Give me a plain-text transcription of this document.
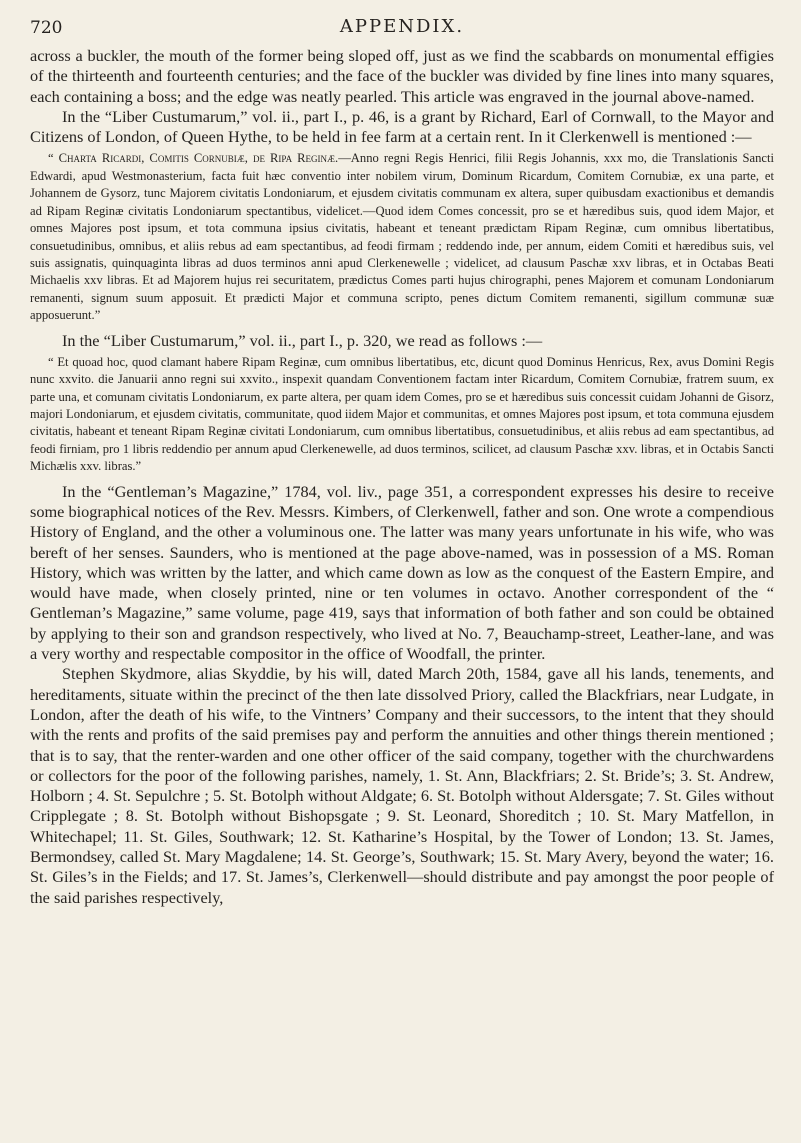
720	APPENDIX.

across a buckler, the mouth of the former being sloped off, just as we find the scabbards on monumental effigies of the thirteenth and fourteenth centuries; and the face of the buckler was divided by fine lines into many squares, each containing a boss; and the edge was neatly pearled. This article was engraved in the journal above-named.

In the “Liber Custumarum,” vol. ii., part I., p. 46, is a grant by Richard, Earl of Cornwall, to the Mayor and Citizens of London, of Queen Hythe, to be held in fee farm at a certain rent. In it Clerkenwell is mentioned :—

“ Charta Ricardi, Comitis Cornubiæ, de Ripa Reginæ.—Anno regni Regis Henrici, filii Regis Johannis, xxx mo, die Translationis Sancti Edwardi, apud Westmonasterium, facta fuit hæc conventio inter nobilem virum, Dominum Ricardum, Comitem Cornubiæ, ex una parte, et Johannem de Gysorz, tunc Majorem civitatis Londoniarum, et ejusdem civitatis communam ex altera, super quibusdam exactionibus et demandis ad Ripam Reginæ civitatis Londoniarum spectantibus, videlicet.—Quod idem Comes concessit, pro se et hæredibus suis, quod idem Major, et omnes Majores post ipsum, et tota communa ipsius civitatis, habeant et teneant prædictam Ripam Reginæ, cum omnibus libertatibus, consuetudinibus, omnibus, et aliis rebus ad eam spectantibus, ad feodi firmam ; reddendo inde, per annum, eidem Comiti et hæredibus suis, vel suis assignatis, quinquaginta libras ad duos terminos anni apud Clerkenewelle ; videlicet, ad clausum Paschæ xxv libras, et in Octabas Beati Michaelis xxv libras. Et ad Majorem hujus rei securitatem, prædictus Comes parti hujus chirographi, penes Majorem et comunam Londoniarum remanenti, signum suum apposuit. Et prædicti Major et communa scripto, penes dictum Comitem remanenti, sigillum communæ suæ apposuerunt.”

In the “Liber Custumarum,” vol. ii., part I., p. 320, we read as follows :—

“ Et quoad hoc, quod clamant habere Ripam Reginæ, cum omnibus libertatibus, etc, dicunt quod Dominus Henricus, Rex, avus Domini Regis nunc xxvito. die Januarii anno regni sui xxvito., inspexit quandam Conventionem factam inter Ricardum, Comitem Cornubiæ, fratrem suum, ex parte una, et comunam civitatis Londoniarum, ex parte altera, per quam idem Comes, pro se et hæredibus suis concessit cuidam Johanni de Gisorz, majori Londoniarum, et ejusdem civitatis, communitate, quod iidem Major et communitas, et omnes Majores post ipsum, et tota communa ejusdem civitatis, habeant et teneant Ripam Reginæ civitati Londoniarum, cum omnibus libertatibus, consuetudinibus, et aliis rebus ad eam spectantibus, ad feodi firniam, pro 1 libris reddendio per annum apud Clerkenewelle, ad duos terminos, scilicet, ad clausum Paschæ xxv. libras, et in Octabis Sancti Michælis xxv. libras.”

In the “Gentleman’s Magazine,” 1784, vol. liv., page 351, a correspondent expresses his desire to receive some biographical notices of the Rev. Messrs. Kimbers, of Clerkenwell, father and son. One wrote a compendious History of England, and the other a voluminous one. The latter was many years unfortunate in his wife, who was bereft of her senses. Saunders, who is mentioned at the page above-named, was in possession of a MS. Roman History, which was written by the latter, and which came down as low as the conquest of the Eastern Empire, and would have made, when closely printed, nine or ten volumes in octavo. Another correspondent of the “ Gentleman’s Magazine,” same volume, page 419, says that information of both father and son could be obtained by applying to their son and grandson respectively, who lived at No. 7, Beauchamp-street, Leather-lane, and was a very worthy and respectable compositor in the office of Woodfall, the printer.

Stephen Skydmore, alias Skyddie, by his will, dated March 20th, 1584, gave all his lands, tenements, and hereditaments, situate within the precinct of the then late dissolved Priory, called the Blackfriars, near Ludgate, in London, after the death of his wife, to the Vintners’ Company and their successors, to the intent that they should with the rents and profits of the said premises pay and perform the annuities and other things therein mentioned ; that is to say, that the renter-warden and one other officer of the said company, together with the churchwardens or collectors for the poor of the following parishes, namely, 1. St. Ann, Blackfriars; 2. St. Bride’s; 3. St. Andrew, Holborn ; 4. St. Sepulchre ; 5. St. Botolph without Aldgate; 6. St. Botolph without Aldersgate; 7. St. Giles without Cripplegate ; 8. St. Botolph without Bishopsgate ; 9. St. Leonard, Shoreditch ; 10. St. Mary Matfellon, in Whitechapel; 11. St. Giles, Southwark; 12. St. Katharine’s Hospital, by the Tower of London; 13. St. James, Bermondsey, called St. Mary Magdalene; 14. St. George’s, Southwark; 15. St. Mary Avery, beyond the water; 16. St. Giles’s in the Fields; and 17. St. James’s, Clerkenwell—should distribute and pay amongst the poor people of the said parishes respectively,
